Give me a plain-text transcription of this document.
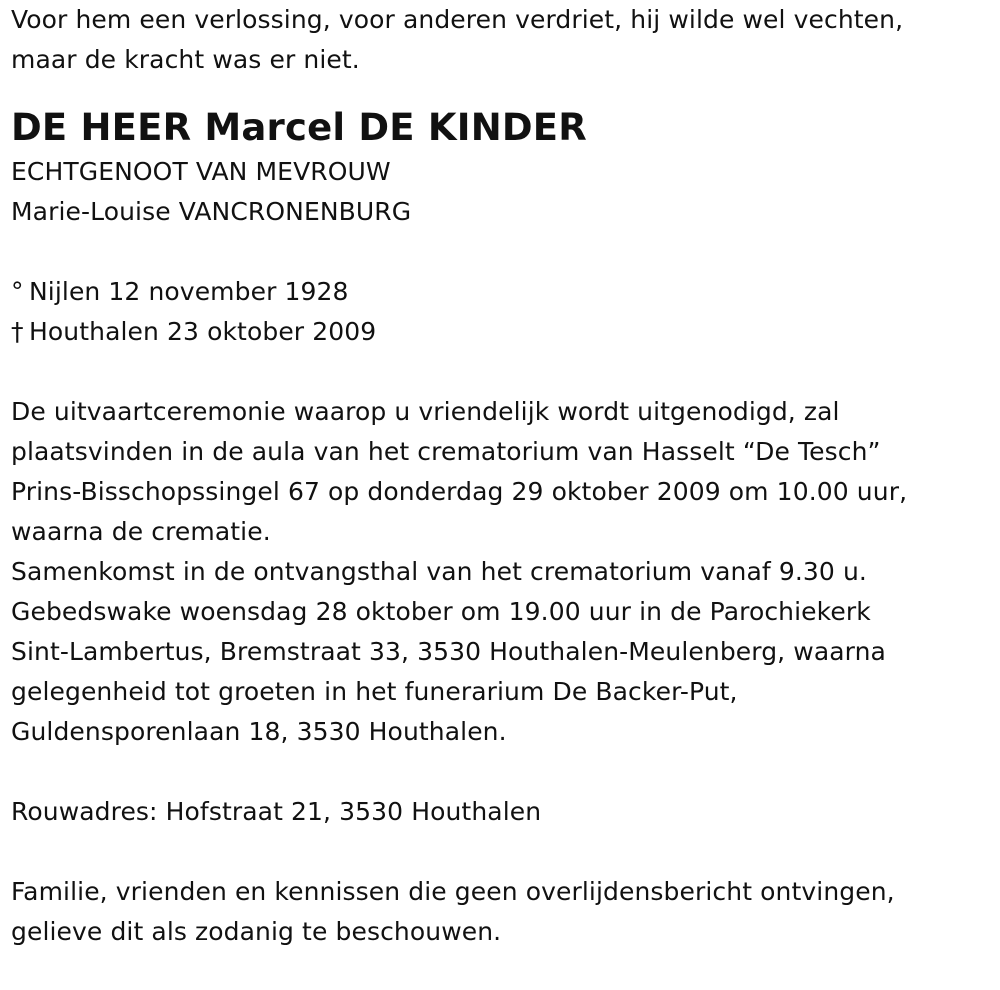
Voor hem een verlossing, voor anderen verdriet, hij wilde wel vechten,
maar de kracht was er niet.
DE HEER Marcel DE KINDER
ECHTGENOOT VAN MEVROUW
Marie-Louise VANCRONENBURG
° Nijlen 12 november 1928
† Houthalen 23 oktober 2009
De uitvaartceremonie waarop u vriendelijk wordt uitgenodigd, zal
plaatsvinden in de aula van het crematorium van Hasselt “De Tesch”
Prins-Bisschopssingel 67 op donderdag 29 oktober 2009 om 10.00 uur,
waarna de crematie.
Samenkomst in de ontvangsthal van het crematorium vanaf 9.30 u.
Gebedswake woensdag 28 oktober om 19.00 uur in de Parochiekerk
Sint-Lambertus, Bremstraat 33, 3530 Houthalen-Meulenberg, waarna
gelegenheid tot groeten in het funerarium De Backer-Put,
Guldensporenlaan 18, 3530 Houthalen.
Rouwadres: Hofstraat 21, 3530 Houthalen
Familie, vrienden en kennissen die geen overlijdensbericht ontvingen,
gelieve dit als zodanig te beschouwen.
